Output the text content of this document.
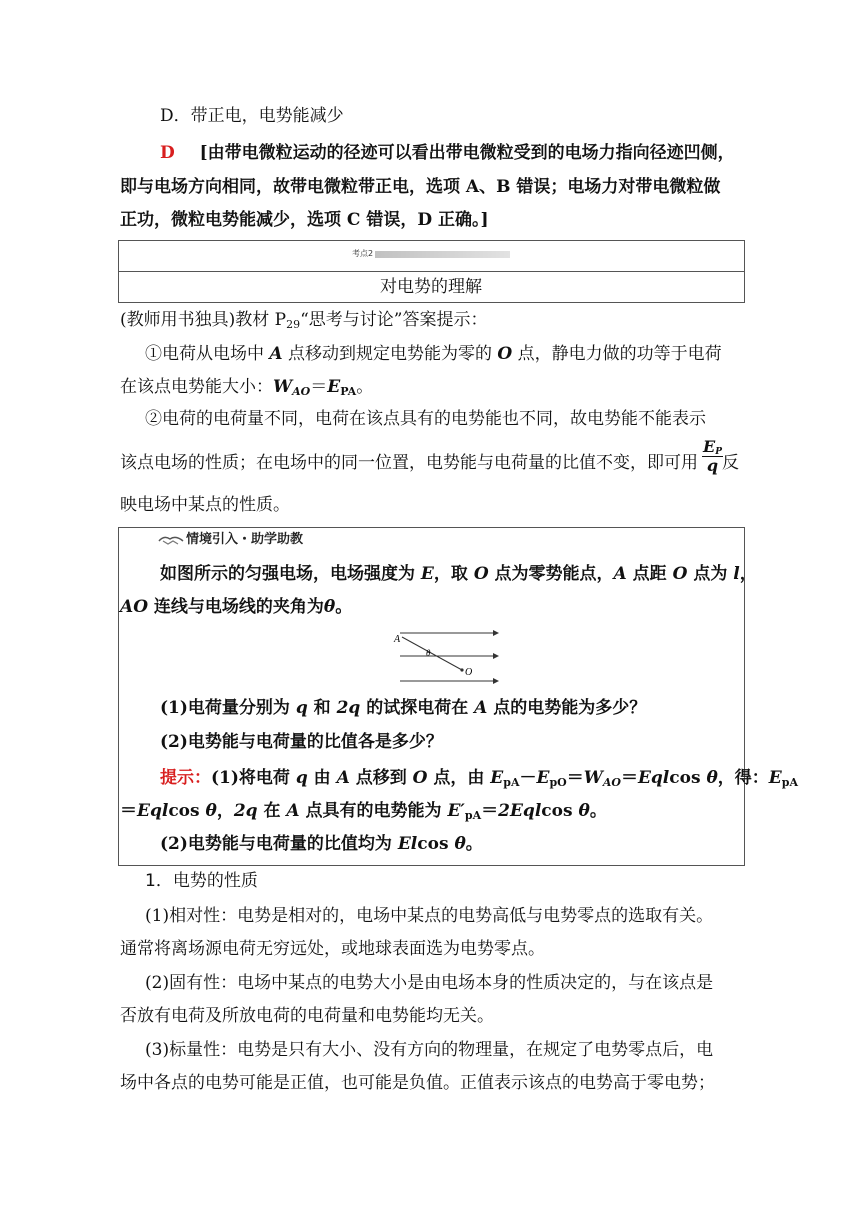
D．带正电，电势能减少
D [由带电微粒运动的径迹可以看出带电微粒受到的电场力指向径迹凹侧，
即与电场方向相同，故带电微粒带正电，选项 A、B 错误；电场力对带电微粒做
正功，微粒电势能减少，选项 C 错误，D 正确。]
考点2
对电势的理解
(教师用书独具)教材 $P_{29}“$思考与讨论”答案提示：
①电荷从电场中 A 点移动到规定电势能为零的 O 点，静电力做的功等于电荷
在该点电势能大小：$W_{AO}=E_{PA}$。
②电荷的电荷量不同，电荷在该点具有的电势能也不同，故电势能不能表示
该点电场的性质；在电场中的同一位置，电势能与电荷量的比值不变，即可用 $\frac{E_P}{q}$ 反
映电场中某点的性质。
情境引入・助学助教
如图所示的匀强电场，电场强度为 E，取 O 点为零势能点，A 点距 O 点为 l，
AO 连线与电场线的夹角为θ。
A
θ
O
(1)电荷量分别为 q 和 2q 的试探电荷在 A 点的电势能为多少？
(2)电势能与电荷量的比值各是多少？
提示：(1)将电荷 q 由 A 点移到 O 点，由 $E_{pA}-E_{pO}=W_{AO}=Eqlcos$ θ，得：$E_{pA}$
＝Eqlcos θ，2q 在 A 点具有的电势能为 $E'_{pA}=2Eqlcos$ θ。
(2)电势能与电荷量的比值均为 Elcos θ。
1．电势的性质
(1)相对性：电势是相对的，电场中某点的电势高低与电势零点的选取有关。
通常将离场源电荷无穷远处，或地球表面选为电势零点。
(2)固有性：电场中某点的电势大小是由电场本身的性质决定的，与在该点是
否放有电荷及所放电荷的电荷量和电势能均无关。
(3)标量性：电势是只有大小、没有方向的物理量，在规定了电势零点后，电
场中各点的电势可能是正值，也可能是负值。正值表示该点的电势高于零电势；
